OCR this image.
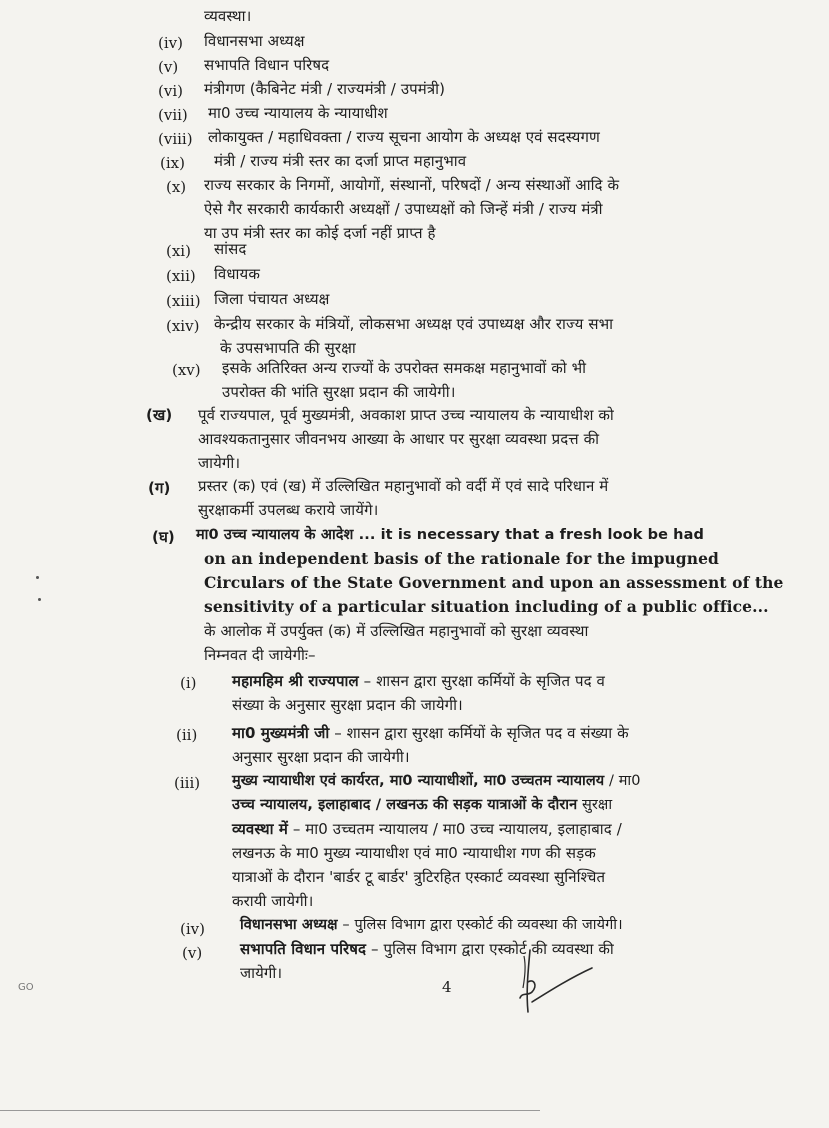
व्यवस्था।
(iv) विधानसभा अध्यक्ष
(v) सभापति विधान परिषद
(vi) मंत्रीगण (कैबिनेट मंत्री / राज्यमंत्री / उपमंत्री)
(vii) मा0 उच्च न्यायालय के न्यायाधीश
(viii) लोकायुक्त / महाधिवक्ता / राज्य सूचना आयोग के अध्यक्ष एवं सदस्यगण
(ix) मंत्री / राज्य मंत्री स्तर का दर्जा प्राप्त महानुभाव
(x) राज्य सरकार के निगमों, आयोगों, संस्थानों, परिषदों / अन्य संस्थाओं आदि के
ऐसे गैर सरकारी कार्यकारी अध्यक्षों / उपाध्यक्षों को जिन्हें मंत्री / राज्य मंत्री
या उप मंत्री स्तर का कोई दर्जा नहीं प्राप्त है
(xi) सांसद
(xii) विधायक
(xiii) जिला पंचायत अध्यक्ष
(xiv) केन्द्रीय सरकार के मंत्रियों, लोकसभा अध्यक्ष एवं उपाध्यक्ष और राज्य सभा
के उपसभापति की सुरक्षा
(xv) इसके अतिरिक्त अन्य राज्यों के उपरोक्त समकक्ष महानुभावों को भी
उपरोक्त की भांति सुरक्षा प्रदान की जायेगी।
(ख) पूर्व राज्यपाल, पूर्व मुख्यमंत्री, अवकाश प्राप्त उच्च न्यायालय के न्यायाधीश को
आवश्यकतानुसार जीवनभय आख्या के आधार पर सुरक्षा व्यवस्था प्रदत्त की
जायेगी।
(ग) प्रस्तर (क) एवं (ख) में उल्लिखित महानुभावों को वर्दी में एवं सादे परिधान में
सुरक्षाकर्मी उपलब्ध कराये जायेंगे।
(घ) मा0 उच्च न्यायालय के आदेश ... it is necessary that a fresh look be had
on an independent basis of the rationale for the impugned
Circulars of the State Government and upon an assessment of the
sensitivity of a particular situation including of a public office...
के आलोक में उपर्युक्त (क) में उल्लिखित महानुभावों को सुरक्षा व्यवस्था
निम्नवत दी जायेगीः–
(i) महामहिम श्री राज्यपाल – शासन द्वारा सुरक्षा कर्मियों के सृजित पद व
संख्या के अनुसार सुरक्षा प्रदान की जायेगी।
(ii) मा0 मुख्यमंत्री जी – शासन द्वारा सुरक्षा कर्मियों के सृजित पद व संख्या के
अनुसार सुरक्षा प्रदान की जायेगी।
(iii) मुख्य न्यायाधीश एवं कार्यरत, मा0 न्यायाधीशों, मा0 उच्चतम न्यायालय / मा0
उच्च न्यायालय, इलाहाबाद / लखनऊ की सड़क यात्राओं के दौरान सुरक्षा
व्यवस्था में – मा0 उच्चतम न्यायालय / मा0 उच्च न्यायालय, इलाहाबाद /
लखनऊ के मा0 मुख्य न्यायाधीश एवं मा0 न्यायाधीश गण की सड़क
यात्राओं के दौरान 'बार्डर टू बार्डर' त्रुटिरहित एस्कार्ट व्यवस्था सुनिश्चित
करायी जायेगी।
(iv) विधानसभा अध्यक्ष – पुलिस विभाग द्वारा एस्कोर्ट की व्यवस्था की जायेगी।
(v)	सभापति विधान परिषद – पुलिस विभाग द्वारा एस्कोर्ट की व्यवस्था की
जायेगी।
4
GO
